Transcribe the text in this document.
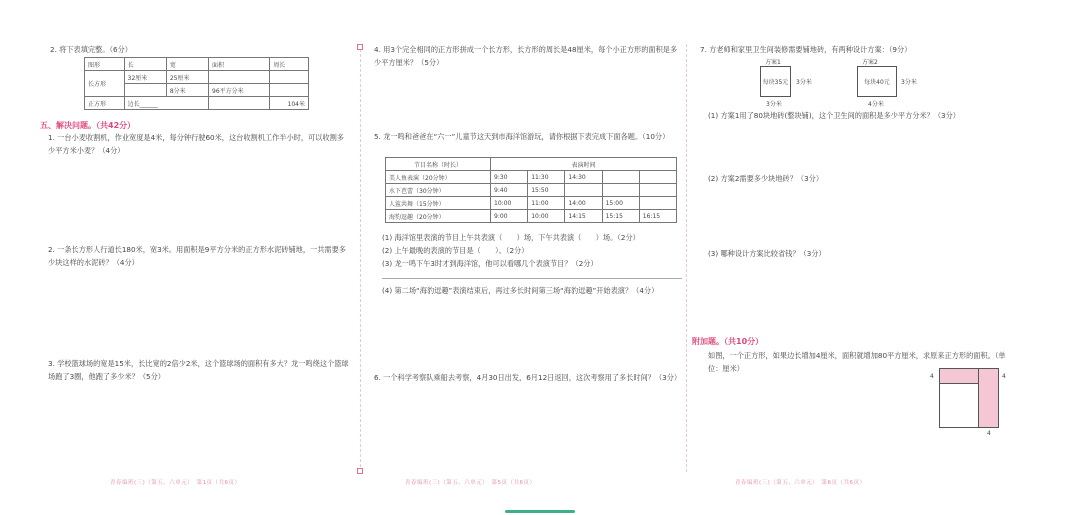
2. 将下表填完整。（6分）
图形	长	宽	面积	周长
长方形	32厘米	25厘米		
		8分米	96平方分米	
正方形	边长______			104米
五、解决问题。（共42分）
1. 一台小麦收割机，作业宽度是4米，每分钟行驶60米，这台收割机工作半小时，可以收割多少平方米小麦？（4分）
2. 一条长方形人行道长180米，宽3米。用面积是9平方分米的正方形水泥砖铺地，一共需要多少块这样的水泥砖？（4分）
3. 学校篮球场的宽是15米，长比宽的2倍少2米，这个篮球场的面积有多大？龙一鸣绕这个篮球场跑了3圈，他跑了多少米？（5分）
青春编班(三)（第五、六单元）　第1页（共6页）
4. 用3个完全相同的正方形拼成一个长方形，长方形的周长是48厘米，每个小正方形的面积是多少平方厘米？（5分）
5. 龙一鸣和爸爸在“六一”儿童节这天到市海洋馆游玩，请你根据下表完成下面各题。（10分）
节目名称（时长）	表演时间				
美人鱼表演（20分钟）	9:30	11:30	14:30		
水下芭蕾（30分钟）	9:40	15:50			
人鲨共舞（15分钟）	10:00	11:00	14:00	15:00	
海豹逗趣（20分钟）	9:00	10:00	14:15	15:15	16:15
(1) 海洋馆里表演的节目上午共表演（　　）场，下午共表演（　　）场。（2分）
(2) 上午最晚的表演的节目是（　　）。（2分）
(3) 龙一鸣下午3时才到海洋馆，他可以看哪几个表演节目？（2分）
(4) 第二场“海豹逗趣”表演结束后，再过多长时间第三场“海豹逗趣”开始表演？（4分）
6. 一个科学考察队乘船去考察，4月30日出发，6月12日返回，这次考察用了多长时间？（3分）
青春编班(三)（第五、六单元）　第5页（共6页）
7. 方老师和家里卫生间装修需要铺地砖，有两种设计方案：（9分）
方案1
每块35元 3分米
3分米
方案2
每块40元 3分米
4分米
(1) 方案1用了80块地砖(整块铺)，这个卫生间的面积是多少平方分米？（3分）
(2) 方案2需要多少块地砖？（3分）
(3) 哪种设计方案比较省钱？（3分）
附加题。（共10分）
如图，一个正方形，如果边长增加4厘米，面积就增加80平方厘米，求原来正方形的面积。（单位：厘米）
4	4
4
青春编班(三)（第五、六单元）　第6页（共6页）
